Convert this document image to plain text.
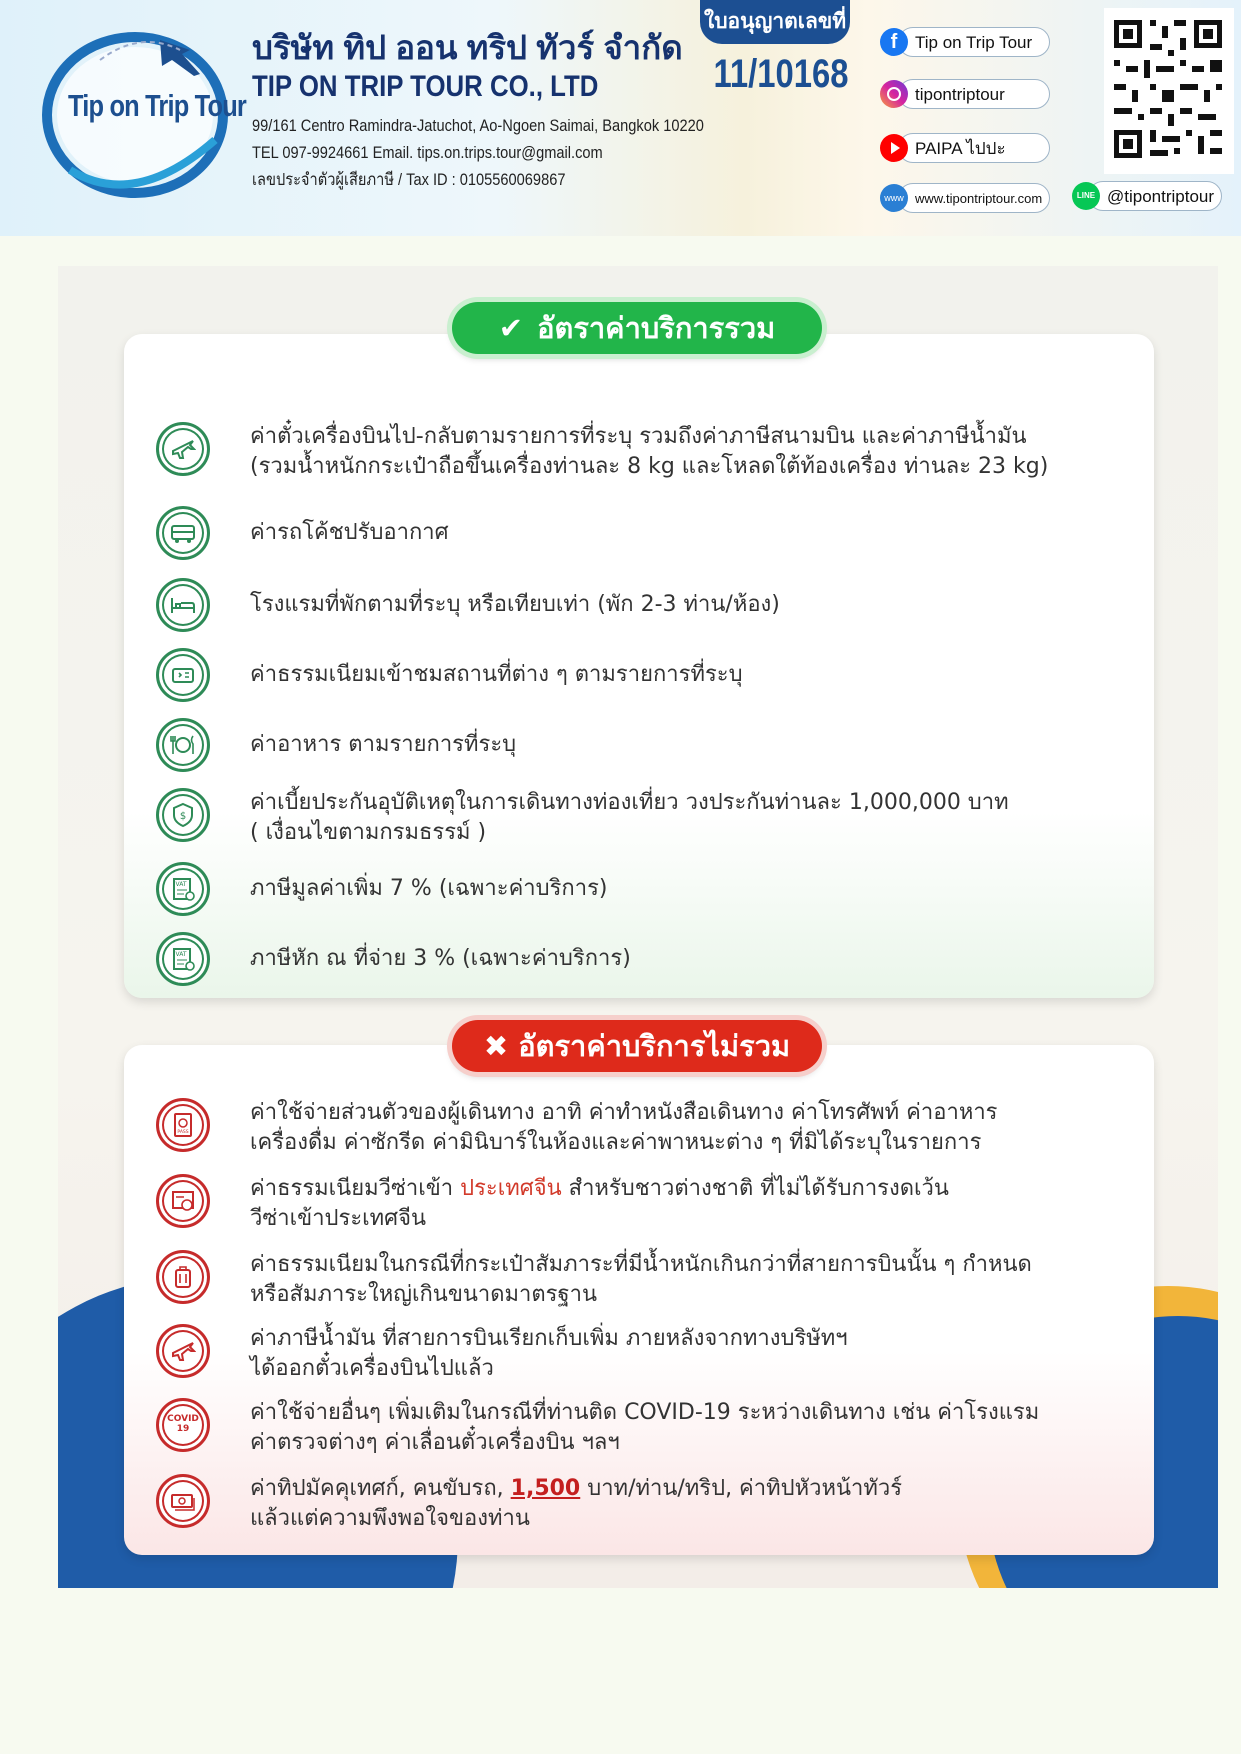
Tip on Trip Tour
บริษัท ทิป ออน ทริป ทัวร์ จำกัด
TIP ON TRIP TOUR CO., LTD
99/161 Centro Ramindra-Jatuchot, Ao-Ngoen Saimai, Bangkok 10220
TEL 097-9924661 Email. tips.on.trips.tour@gmail.com
เลขประจำตัวผู้เสียภาษี / Tax ID : 0105560069867
ใบอนุญาตเลขที่
11/10168
f	Tip on Trip Tour
tipontriptour
PAIPA ไปปะ
www www.tipontriptour.com	LINE @tipontriptour
✔ อัตราค่าบริการรวม
ค่าตั๋วเครื่องบินไป-กลับตามรายการที่ระบุ รวมถึงค่าภาษีสนามบิน และค่าภาษีน้ำมัน
(รวมน้ำหนักกระเป๋าถือขึ้นเครื่องท่านละ 8 kg และโหลดใต้ท้องเครื่อง ท่านละ 23 kg)
ค่ารถโค้ชปรับอากาศ
โรงแรมที่พักตามที่ระบุ หรือเทียบเท่า (พัก 2-3 ท่าน/ห้อง)
ค่าธรรมเนียมเข้าชมสถานที่ต่าง ๆ ตามรายการที่ระบุ
ค่าอาหาร ตามรายการที่ระบุ
$
ค่าเบี้ยประกันอุบัติเหตุในการเดินทางท่องเที่ยว วงประกันท่านละ 1,000,000 บาท
( เงื่อนไขตามกรมธรรม์ )
VAT	ภาษีมูลค่าเพิ่ม 7 % (เฉพาะค่าบริการ)
VAT	ภาษีหัก ณ ที่จ่าย 3 % (เฉพาะค่าบริการ)
✖ อัตราค่าบริการไม่รวม
PASS
ค่าใช้จ่ายส่วนตัวของผู้เดินทาง อาทิ ค่าทำหนังสือเดินทาง ค่าโทรศัพท์ ค่าอาหาร
เครื่องดื่ม ค่าซักรีด ค่ามินิบาร์ในห้องและค่าพาหนะต่าง ๆ ที่มิได้ระบุในรายการ
ค่าธรรมเนียมวีซ่าเข้า ประเทศจีน สำหรับชาวต่างชาติ ที่ไม่ได้รับการงดเว้น
วีซ่าเข้าประเทศจีน
ค่าธรรมเนียมในกรณีที่กระเป๋าสัมภาระที่มีน้ำหนักเกินกว่าที่สายการบินนั้น ๆ กำหนด
หรือสัมภาระใหญ่เกินขนาดมาตรฐาน
ค่าภาษีน้ำมัน ที่สายการบินเรียกเก็บเพิ่ม ภายหลังจากทางบริษัทฯ
ได้ออกตั๋วเครื่องบินไปแล้ว
COVID 19
ค่าใช้จ่ายอื่นๆ เพิ่มเติมในกรณีที่ท่านติด COVID-19 ระหว่างเดินทาง เช่น ค่าโรงแรม
ค่าตรวจต่างๆ ค่าเลื่อนตั๋วเครื่องบิน ฯลฯ
ค่าทิปมัคคุเทศก์, คนขับรถ, 1,500 บาท/ท่าน/ทริป, ค่าทิปหัวหน้าทัวร์
แล้วแต่ความพึงพอใจของท่าน
